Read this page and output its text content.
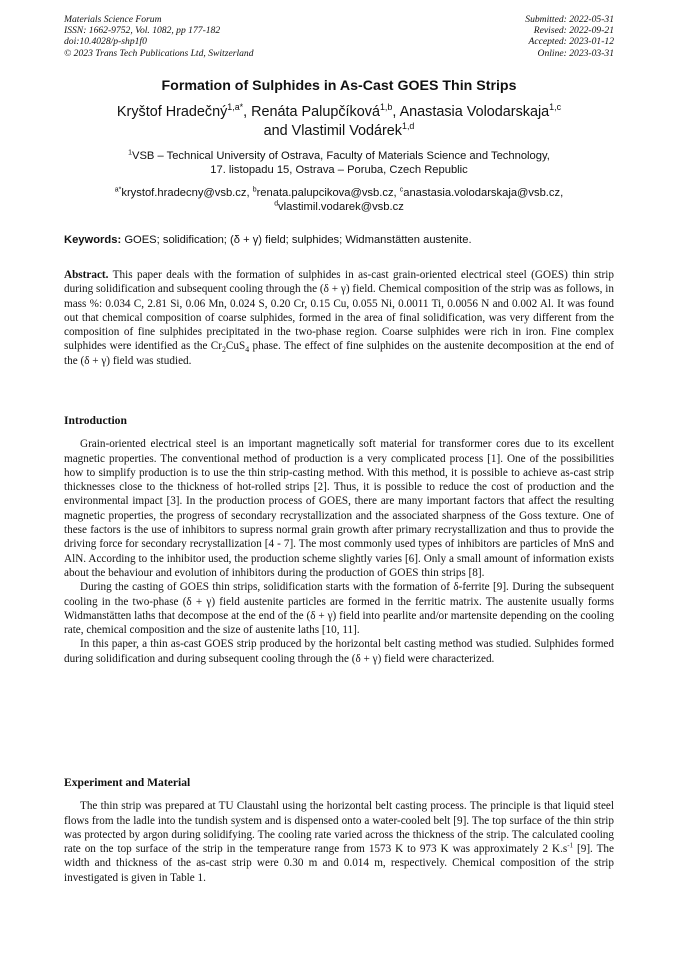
Materials Science Forum
ISSN: 1662-9752, Vol. 1082, pp 177-182
doi:10.4028/p-shp1f0
© 2023 Trans Tech Publications Ltd, Switzerland
Submitted: 2022-05-31
Revised: 2022-09-21
Accepted: 2023-01-12
Online: 2023-03-31
Formation of Sulphides in As-Cast GOES Thin Strips
Kryštof Hradečný$^{1,a*}$, Renáta Palupčíková$^{1,b}$, Anastasia Volodarskaja$^{1,c}$
and Vlastimil Vodárek$^{1,d}$
$^1$VSB – Technical University of Ostrava, Faculty of Materials Science and Technology,
17. listopadu 15, Ostrava – Poruba, Czech Republic
$^{a*}$krystof.hradecny@vsb.cz, $^b$renata.palupcikova@vsb.cz, $^c$anastasia.volodarskaja@vsb.cz,
$^d$vlastimil.vodarek@vsb.cz
Keywords: GOES; solidification; (δ + γ) field; sulphides; Widmanstätten austenite.

Abstract. This paper deals with the formation of sulphides in as-cast grain-oriented electrical steel (GOES) thin strip during solidification and subsequent cooling through the (δ + γ) field. Chemical composition of the strip was as follows, in mass %: 0.034 C, 2.81 Si, 0.06 Mn, 0.024 S, 0.20 Cr, 0.15 Cu, 0.055 Ni, 0.0011 Ti, 0.0056 N and 0.002 Al. It was found out that chemical composition of coarse sulphides, formed in the area of final solidification, was very different from the composition of fine sulphides precipitated in the two-phase region. Coarse sulphides were rich in iron. Fine complex sulphides were identified as the $Cr_2CuS_4$ phase. The effect of fine sulphides on the austenite decomposition at the end of the (δ + γ) field was studied.

Introduction

Grain-oriented electrical steel is an important magnetically soft material for transformer cores due to its excellent magnetic properties. The conventional method of production is a very complicated process [1]. One of the possibilities how to simplify production is to use the thin strip-casting method. With this method, it is possible to achieve as-cast strip thicknesses close to the thickness of hot-rolled strips [2]. Thus, it is possible to reduce the cost of production and the environmental impact [3]. In the production process of GOES, there are many important factors that affect the resulting magnetic properties, the progress of secondary recrystallization and the associated sharpness of the Goss texture. One of these factors is the use of inhibitors to supress normal grain growth after primary recrystallization and thus to provide the driving force for secondary recrystallization [4 - 7]. The most commonly used types of inhibitors are particles of MnS and AlN. According to the inhibitor used, the production scheme slightly varies [6]. Only a small amount of information exists about the behaviour and evolution of inhibitors during the production of GOES thin strips [8].

During the casting of GOES thin strips, solidification starts with the formation of δ-ferrite [9]. During the subsequent cooling in the two-phase (δ + γ) field austenite particles are formed in the ferritic matrix. The austenite usually forms Widmanstätten laths that decompose at the end of the (δ + γ) field into pearlite and/or martensite depending on the cooling rate, chemical composition and the size of austenite laths [10, 11].

In this paper, a thin as-cast GOES strip produced by the horizontal belt casting method was studied. Sulphides formed during solidification and during subsequent cooling through the (δ + γ) field were characterized.

Experiment and Material

The thin strip was prepared at TU Claustahl using the horizontal belt casting process. The principle is that liquid steel flows from the ladle into the tundish system and is dispensed onto a water-cooled belt [9]. The top surface of the thin strip was protected by argon during solidifying. The cooling rate varied across the thickness of the strip. The calculated cooling rate on the top surface of the strip in the temperature range from 1573 K to 973 K was approximately 2 $K.s^{-1}$ [9]. The width and thickness of the as-cast strip were 0.30 m and 0.014 m, respectively. Chemical composition of the strip investigated is given in Table 1.
